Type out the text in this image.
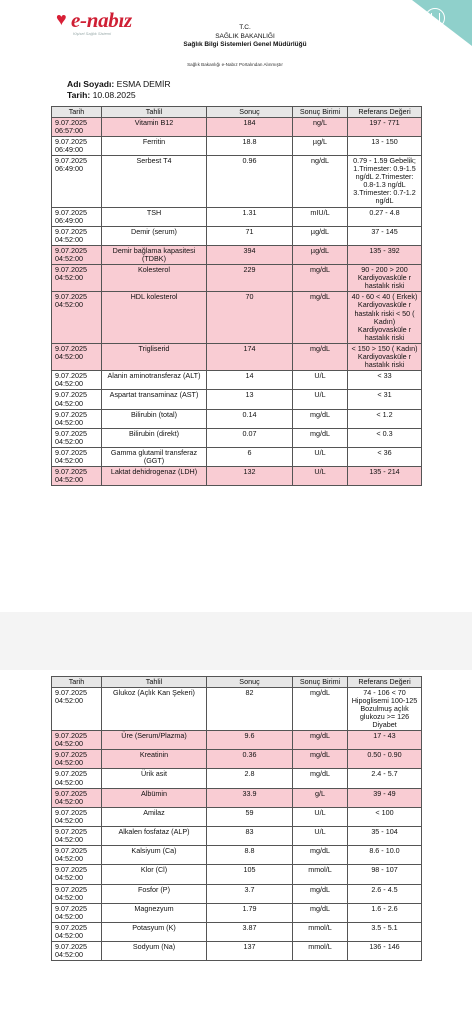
♥ e-nabız
Kişisel Sağlık Sistemi
T.C.
SAĞLIK BAKANLIĞI
Sağlık Bilgi Sistemleri Genel Müdürlüğü
Sağlık Bakanlığı e-Nabız Portalından Alınmıştır
Adı Soyadı: ESMA DEMİR
Tarih: 10.08.2025
Tarih	Tahlil	Sonuç	Sonuç Birimi	Referans Değeri
9.07.2025 06:57:00	Vitamin B12	184	ng/L	197 - 771
9.07.2025 06:49:00	Ferritin	18.8	µg/L	13 - 150
9.07.2025 06:49:00	Serbest T4	0.96	ng/dL	0.79 - 1.59 Gebelik; 1.Trimester: 0.9-1.5 ng/dL 2.Trimester: 0.8-1.3 ng/dL 3.Trimester: 0.7-1.2 ng/dL
9.07.2025 06:49:00	TSH	1.31	mIU/L	0.27 - 4.8
9.07.2025 04:52:00	Demir (serum)	71	µg/dL	37 - 145
9.07.2025 04:52:00	Demir bağlama kapasitesi (TDBK)	394	µg/dL	135 - 392
9.07.2025 04:52:00	Kolesterol	229	mg/dL	90 - 200 > 200 Kardiyovaskülе r hastalık riski
9.07.2025 04:52:00	HDL kolesterol	70	mg/dL	40 - 60 < 40 ( Erkek) Kardiyovasküle r hastalık riski < 50 ( Kadın) Kardiyovasküle r hastalık riski
9.07.2025 04:52:00	Trigliserid	174	mg/dL	< 150 > 150 ( Kadın) Kardiyovasküle r hastalık riski
9.07.2025 04:52:00	Alanin aminotransferaz (ALT)	14	U/L	< 33
9.07.2025 04:52:00	Aspartat transaminaz (AST)	13	U/L	< 31
9.07.2025 04:52:00	Bilirubin (total)	0.14	mg/dL	< 1.2
9.07.2025 04:52:00	Bilirubin (direkt)	0.07	mg/dL	< 0.3
9.07.2025 04:52:00	Gamma glutamil transferaz (GGT)	6	U/L	< 36
9.07.2025 04:52:00	Laktat dehidrogenaz (LDH)	132	U/L	135 - 214
Tarih	Tahlil	Sonuç	Sonuç Birimi	Referans Değeri
9.07.2025 04:52:00	Glukoz (Açlık Kan Şekeri)	82	mg/dL	74 - 106 < 70 Hipoglisemi 100-125 Bozulmuş açlık glukozu >= 126 Diyabet
9.07.2025 04:52:00	Üre (Serum/Plazma)	9.6	mg/dL	17 - 43
9.07.2025 04:52:00	Kreatinin	0.36	mg/dL	0.50 - 0.90
9.07.2025 04:52:00	Ürik asit	2.8	mg/dL	2.4 - 5.7
9.07.2025 04:52:00	Albümin	33.9	g/L	39 - 49
9.07.2025 04:52:00	Amilaz	59	U/L	< 100
9.07.2025 04:52:00	Alkalen fosfataz (ALP)	83	U/L	35 - 104
9.07.2025 04:52:00	Kalsiyum (Ca)	8.8	mg/dL	8.6 - 10.0
9.07.2025 04:52:00	Klor (Cl)	105	mmol/L	98 - 107
9.07.2025 04:52:00	Fosfor (P)	3.7	mg/dL	2.6 - 4.5
9.07.2025 04:52:00	Magnezyum	1.79	mg/dL	1.6 - 2.6
9.07.2025 04:52:00	Potasyum (K)	3.87	mmol/L	3.5 - 5.1
9.07.2025 04:52:00	Sodyum (Na)	137	mmol/L	136 - 146
